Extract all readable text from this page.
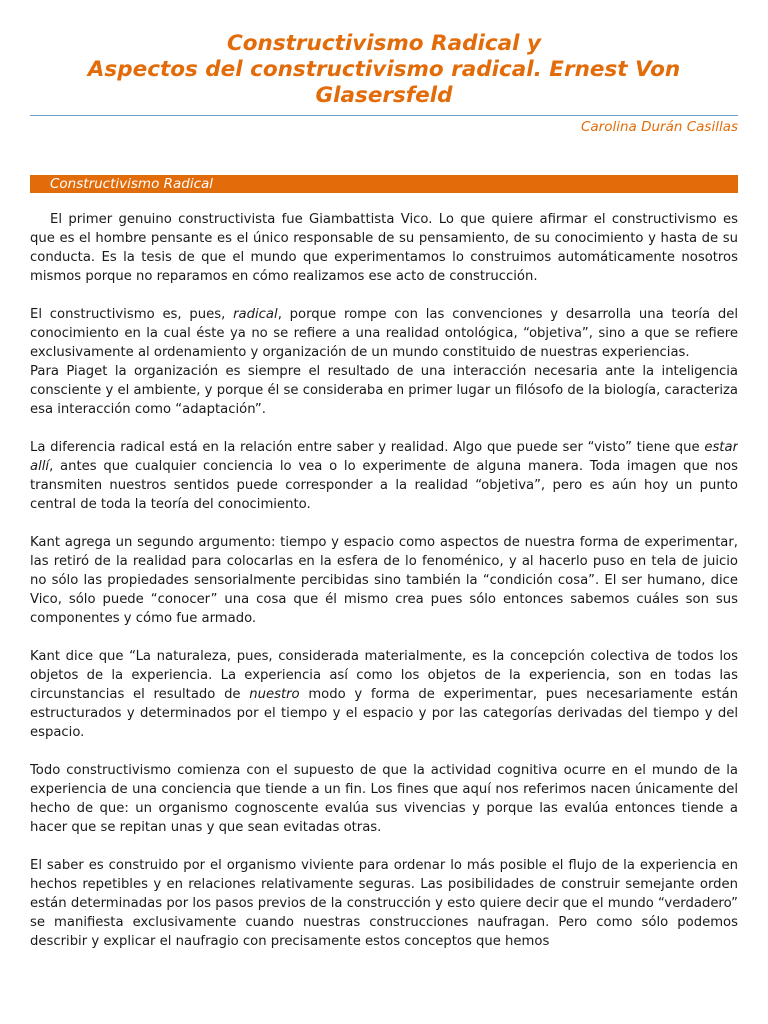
Constructivismo Radical y
Aspectos del constructivismo radical. Ernest Von
Glasersfeld
Carolina Durán Casillas
Constructivismo Radical

El primer genuino constructivista fue Giambattista Vico. Lo que quiere afirmar el constructivismo es que es el hombre pensante es el único responsable de su pensamiento, de su conocimiento y hasta de su conducta. Es la tesis de que el mundo que experimentamos lo construimos automáticamente nosotros mismos porque no reparamos en cómo realizamos ese acto de construcción.

El constructivismo es, pues, radical, porque rompe con las convenciones y desarrolla una teoría del conocimiento en la cual éste ya no se refiere a una realidad ontológica, “objetiva”, sino a que se refiere exclusivamente al ordenamiento y organización de un mundo constituido de nuestras experiencias.

Para Piaget la organización es siempre el resultado de una interacción necesaria ante la inteligencia consciente y el ambiente, y porque él se consideraba en primer lugar un filósofo de la biología, caracteriza esa interacción como “adaptación”.

La diferencia radical está en la relación entre saber y realidad. Algo que puede ser “visto” tiene que estar allí, antes que cualquier conciencia lo vea o lo experimente de alguna manera. Toda imagen que nos transmiten nuestros sentidos puede corresponder a la realidad “objetiva”, pero es aún hoy un punto central de toda la teoría del conocimiento.

Kant agrega un segundo argumento: tiempo y espacio como aspectos de nuestra forma de experimentar, las retiró de la realidad para colocarlas en la esfera de lo fenoménico, y al hacerlo puso en tela de juicio no sólo las propiedades sensorialmente percibidas sino también la “condición cosa”. El ser humano, dice Vico, sólo puede “conocer” una cosa que él mismo crea pues sólo entonces sabemos cuáles son sus componentes y cómo fue armado.

Kant dice que “La naturaleza, pues, considerada materialmente, es la concepción colectiva de todos los objetos de la experiencia. La experiencia así como los objetos de la experiencia, son en todas las circunstancias el resultado de nuestro modo y forma de experimentar, pues necesariamente están estructurados y determinados por el tiempo y el espacio y por las categorías derivadas del tiempo y del espacio.

Todo constructivismo comienza con el supuesto de que la actividad cognitiva ocurre en el mundo de la experiencia de una conciencia que tiende a un fin. Los fines que aquí nos referimos nacen únicamente del hecho de que: un organismo cognoscente evalúa sus vivencias y porque las evalúa entonces tiende a hacer que se repitan unas y que sean evitadas otras.

El saber es construido por el organismo viviente para ordenar lo más posible el flujo de la experiencia en hechos repetibles y en relaciones relativamente seguras. Las posibilidades de construir semejante orden están determinadas por los pasos previos de la construcción y esto quiere decir que el mundo “verdadero” se manifiesta exclusivamente cuando nuestras construcciones naufragan. Pero como sólo podemos describir y explicar el naufragio con precisamente estos conceptos que hemos
